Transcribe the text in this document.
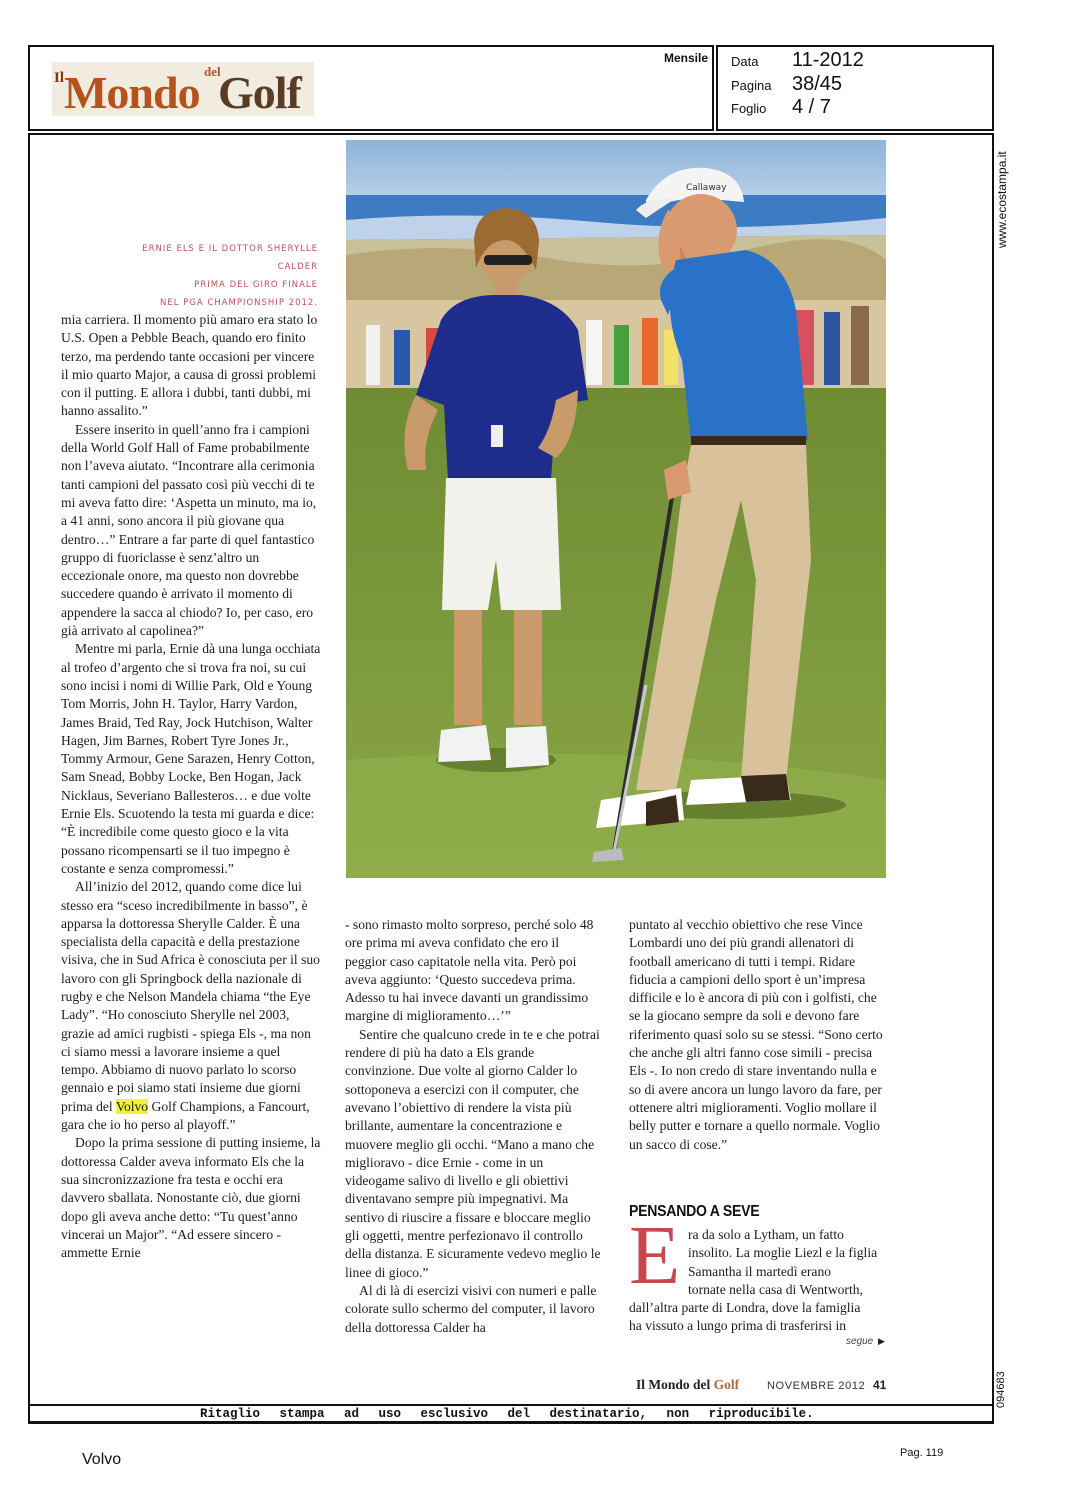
Il Mondo del
Golf
Mensile Data 11-2012
Pagina 38/45
Foglio 4 / 7
www.ecostampa.it
094683
Callaway
ERNIE ELS E IL DOTTOR SHERYLLE CALDER
PRIMA DEL GIRO FINALE
NEL PGA CHAMPIONSHIP 2012.

mia carriera. Il momento più amaro era stato lo U.S. Open a Pebble Beach, quando ero finito terzo, ma perdendo tante occasioni per vincere il mio quarto Major, a causa di grossi problemi con il putting. E allora i dubbi, tanti dubbi, mi hanno assalito.”

Essere inserito in quell’anno fra i campioni della World Golf Hall of Fame probabilmente non l’aveva aiutato. “Incontrare alla cerimonia tanti campioni del passato così più vecchi di te mi aveva fatto dire: ‘Aspetta un minuto, ma io, a 41 anni, sono ancora il più giovane qua dentro…” Entrare a far parte di quel fantastico gruppo di fuoriclasse è senz’altro un eccezionale onore, ma questo non dovrebbe succedere quando è arrivato il momento di appendere la sacca al chiodo? Io, per caso, ero già arrivato al capolinea?”

Mentre mi parla, Ernie dà una lunga occhiata al trofeo d’argento che si trova fra noi, su cui sono incisi i nomi di Willie Park, Old e Young Tom Morris, John H. Taylor, Harry Vardon, James Braid, Ted Ray, Jock Hutchison, Walter Hagen, Jim Barnes, Robert Tyre Jones Jr., Tommy Armour, Gene Sarazen, Henry Cotton, Sam Snead, Bobby Locke, Ben Hogan, Jack Nicklaus, Severiano Ballesteros… e due volte Ernie Els. Scuotendo la testa mi guarda e dice: “È incredibile come questo gioco e la vita possano ricompensarti se il tuo impegno è costante e senza compromessi.”

All’inizio del 2012, quando come dice lui stesso era “sceso incredibilmente in basso”, è apparsa la dottoressa Sherylle Calder. È una specialista della capacità e della prestazione visiva, che in Sud Africa è conosciuta per il suo lavoro con gli Springbock della nazionale di rugby e che Nelson Mandela chiama “the Eye Lady”. “Ho conosciuto Sherylle nel 2003, grazie ad amici rugbisti - spiega Els -, ma non ci siamo messi a lavorare insieme a quel tempo. Abbiamo di nuovo parlato lo scorso gennaio e poi siamo stati insieme due giorni prima del Volvo Golf Champions, a Fancourt, gara che io ho perso al playoff.”

Dopo la prima sessione di putting insieme, la dottoressa Calder aveva informato Els che la sua sincronizzazione fra testa e occhi era davvero sballata. Nonostante ciò, due giorni dopo gli aveva anche detto: “Tu quest’anno vincerai un Major”. “Ad essere sincero - ammette Ernie

- sono rimasto molto sorpreso, perché solo 48 ore prima mi aveva confidato che ero il peggior caso capitatole nella vita. Però poi aveva aggiunto: ‘Questo succedeva prima. Adesso tu hai invece davanti un grandissimo margine di miglioramento…’”

Sentire che qualcuno crede in te e che potrai rendere di più ha dato a Els grande convinzione. Due volte al giorno Calder lo sottoponeva a esercizi con il computer, che avevano l’obiettivo di rendere la vista più brillante, aumentare la concentrazione e muovere meglio gli occhi. “Mano a mano che miglioravo - dice Ernie - come in un videogame salivo di livello e gli obiettivi diventavano sempre più impegnativi. Ma sentivo di riuscire a fissare e bloccare meglio gli oggetti, mentre perfezionavo il controllo della distanza. E sicuramente vedevo meglio le linee di gioco.”

Al di là di esercizi visivi con numeri e palle colorate sullo schermo del computer, il lavoro della dottoressa Calder ha

puntato al vecchio obiettivo che rese Vince Lombardi uno dei più grandi allenatori di football americano di tutti i tempi. Ridare fiducia a campioni dello sport è un’impresa difficile e lo è ancora di più con i golfisti, che se la giocano sempre da soli e devono fare riferimento quasi solo su se stessi. “Sono certo che anche gli altri fanno cose simili - precisa Els -. Io non credo di stare inventando nulla e so di avere ancora un lungo lavoro da fare, per ottenere altri miglioramenti. Voglio mollare il belly putter e tornare a quello normale. Voglio un sacco di cose.”

PENSANDO A SEVE
E ra da solo a Lytham, un fatto
insolito. La moglie Liezl e la figlia
Samantha il martedì erano
tornate nella casa di Wentworth,
dall’altra parte di Londra, dove la famiglia
ha vissuto a lungo prima di trasferirsi in
segue ▶
Il Mondo del Golf	NOVEMBRE 2012 41
Ritaglio stampa ad uso esclusivo del destinatario, non riproducibile.
Volvo	Pag. 119
